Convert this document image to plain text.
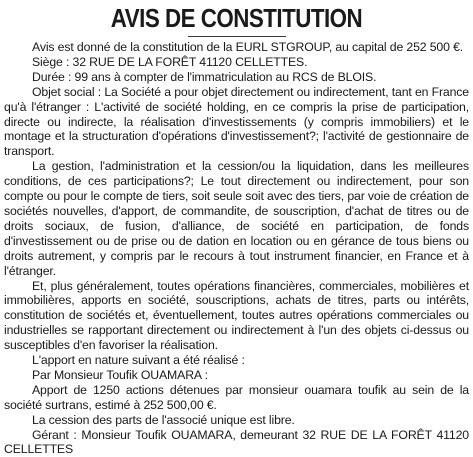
AVIS DE CONSTITUTION

Avis est donné de la constitution de la EURL STGROUP, au capital de 252 500 €.

Siège : 32 RUE DE LA FORÊT 41120 CELLETTES.

Durée : 99 ans à compter de l'immatriculation au RCS de BLOIS.

Objet social : La Société a pour objet directement ou indirectement, tant en France qu'à l'étranger : L'activité de société holding, en ce compris la prise de participation, directe ou indirecte, la réalisation d'investissements (y compris immobiliers) et le montage et la structuration d'opérations d'investissement?; l'activité de gestionnaire de transport.

La gestion, l'administration et la cession/ou la liquidation, dans les meilleures conditions, de ces participations?; Le tout directement ou indirectement, pour son compte ou pour le compte de tiers, soit seule soit avec des tiers, par voie de création de sociétés nouvelles, d'apport, de commandite, de souscription, d'achat de titres ou de droits sociaux, de fusion, d'alliance, de société en participation, de fonds d'investissement ou de prise ou de dation en location ou en gérance de tous biens ou droits autrement, y compris par le recours à tout instrument financier, en France et à l'étranger.

Et, plus généralement, toutes opérations financières, commerciales, mobilières et immobilières, apports en société, souscriptions, achats de titres, parts ou intérêts, constitution de sociétés et, éventuellement, toutes autres opérations commerciales ou industrielles se rapportant directement ou indirectement à l'un des objets ci-dessus ou susceptibles d'en favoriser la réalisation.

L'apport en nature suivant a été réalisé :

Par Monsieur Toufik OUAMARA :

Apport de 1250 actions détenues par monsieur ouamara toufik au sein de la société surtrans, estimé à 252 500,00 €.

La cession des parts de l'associé unique est libre.

Gérant : Monsieur Toufik OUAMARA, demeurant 32 RUE DE LA FORÊT 41120 CELLETTES
